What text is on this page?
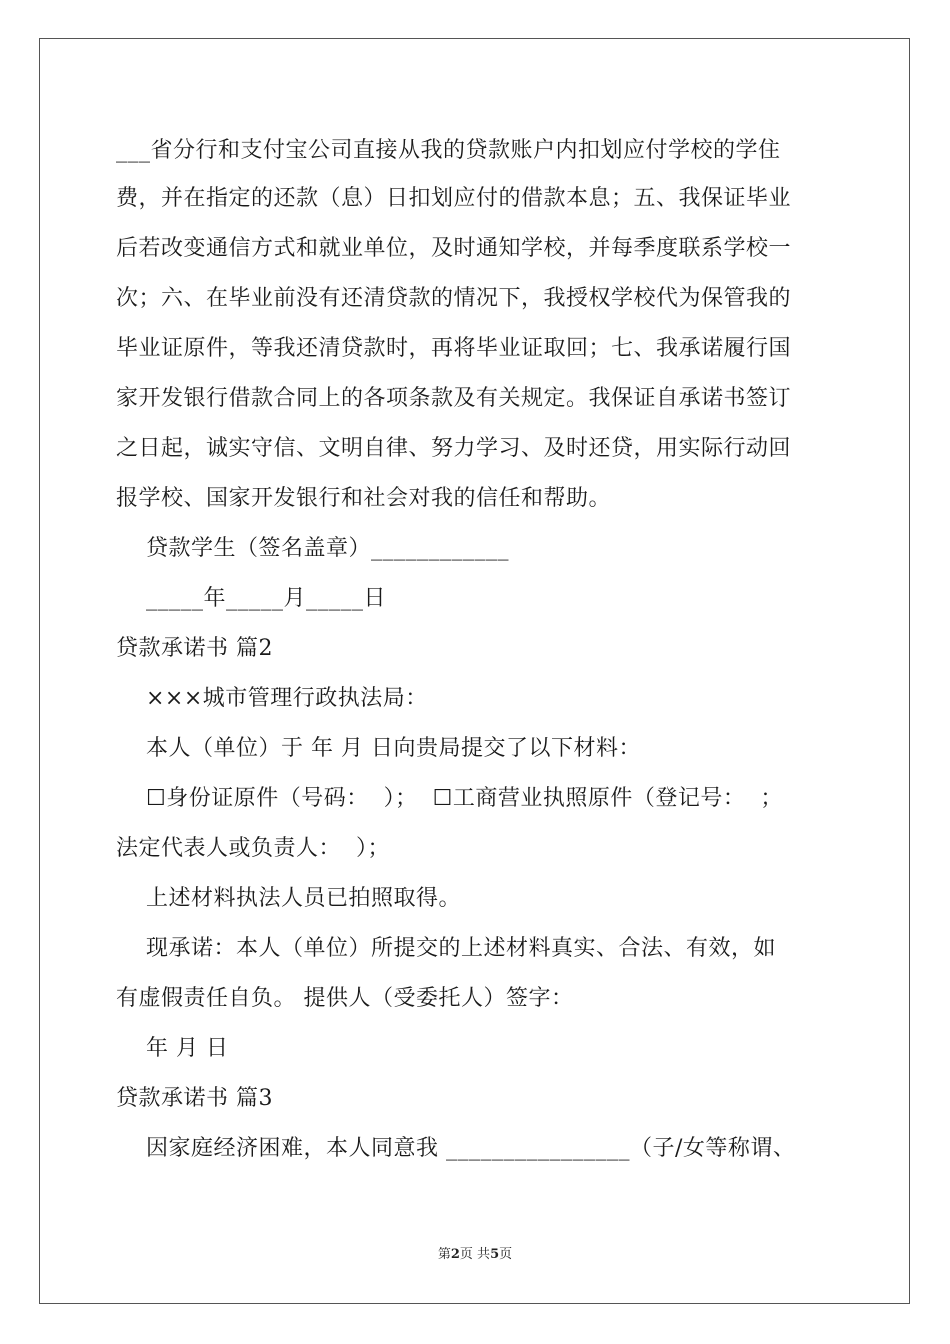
___省分行和支付宝公司直接从我的贷款账户内扣划应付学校的学住
费，并在指定的还款（息）日扣划应付的借款本息；五、我保证毕业
后若改变通信方式和就业单位，及时通知学校，并每季度联系学校一
次；六、在毕业前没有还清贷款的情况下，我授权学校代为保管我的
毕业证原件，等我还清贷款时，再将毕业证取回；七、我承诺履行国
家开发银行借款合同上的各项条款及有关规定。我保证自承诺书签订
之日起，诚实守信、文明自律、努力学习、及时还贷，用实际行动回
报学校、国家开发银行和社会对我的信任和帮助。
贷款学生（签名盖章）____________
_____年_____月_____日
贷款承诺书 篇2
×××城市管理行政执法局：
本人（单位）于 年 月 日向贵局提交了以下材料：
☐身份证原件（号码：  ）；  ☐工商营业执照原件（登记号：  ；
法定代表人或负责人：  ）；
上述材料执法人员已拍照取得。
现承诺：本人（单位）所提交的上述材料真实、合法、有效，如
有虚假责任自负。 提供人（受委托人）签字：
年 月 日
贷款承诺书 篇3
因家庭经济困难，本人同意我 ________________（子/女等称谓、
第2页 共5页
